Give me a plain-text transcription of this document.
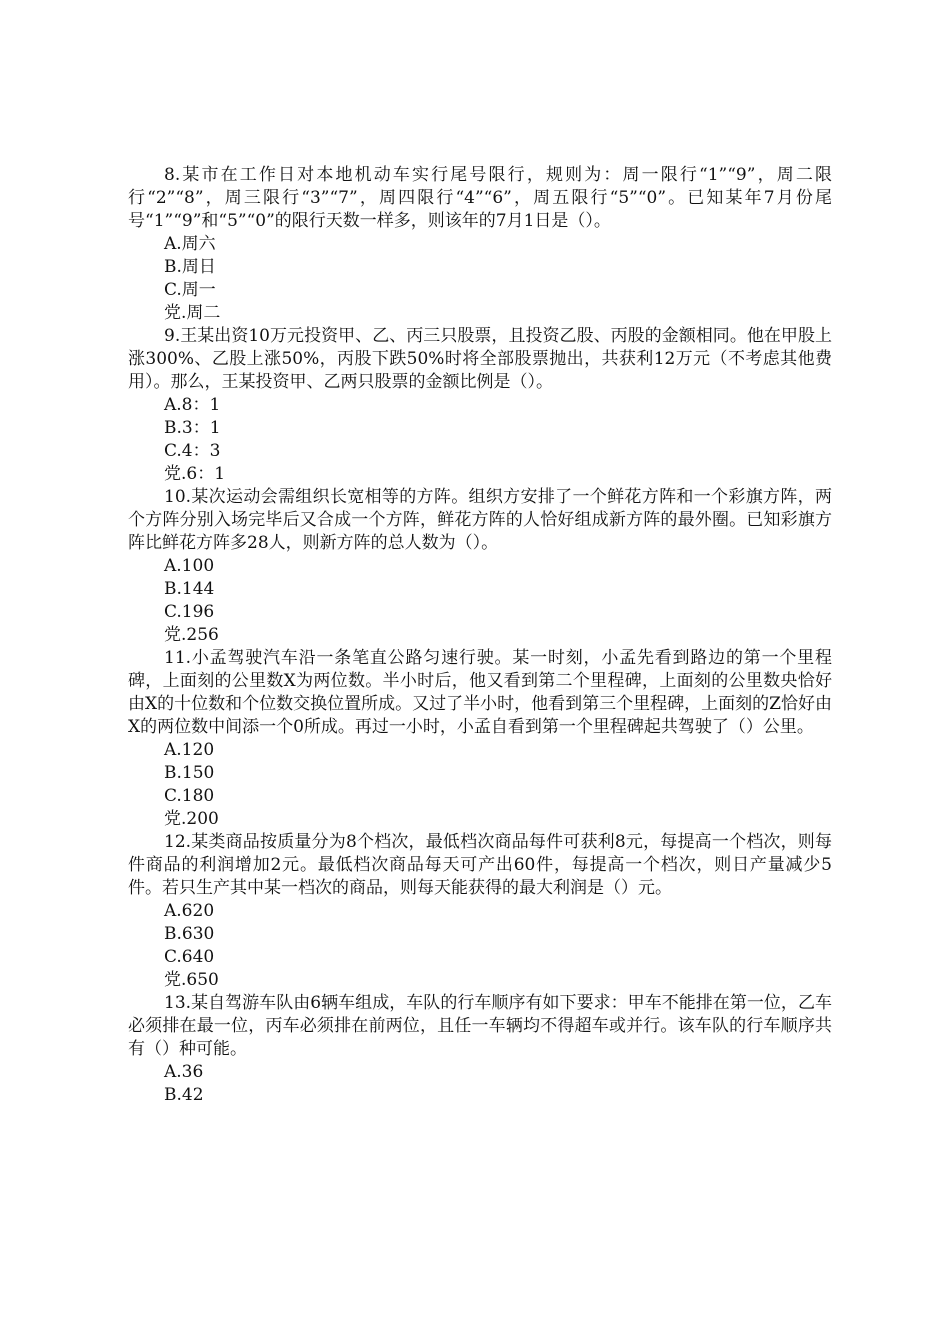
8.某市在工作日对本地机动车实行尾号限行，规则为：周一限行“1”“9”，周二限行“2”“8”，周三限行“3”“7”，周四限行“4”“6”，周五限行“5”“0”。已知某年7月份尾号“1”“9”和“5”“0”的限行天数一样多，则该年的7月1日是（）。

A.周六
B.周日
C.周一
党.周二

9.王某出资10万元投资甲、乙、丙三只股票，且投资乙股、丙股的金额相同。他在甲股上涨300%、乙股上涨50%，丙股下跌50%时将全部股票抛出，共获利12万元（不考虑其他费用）。那么，王某投资甲、乙两只股票的金额比例是（）。

A.8：1
B.3：1
C.4：3
党.6：1

10.某次运动会需组织长宽相等的方阵。组织方安排了一个鲜花方阵和一个彩旗方阵，两个方阵分别入场完毕后又合成一个方阵，鲜花方阵的人恰好组成新方阵的最外圈。已知彩旗方阵比鲜花方阵多28人，则新方阵的总人数为（）。

A.100
B.144
C.196
党.256

11.小孟驾驶汽车沿一条笔直公路匀速行驶。某一时刻，小孟先看到路边的第一个里程碑，上面刻的公里数X为两位数。半小时后，他又看到第二个里程碑，上面刻的公里数央恰好由X的十位数和个位数交换位置所成。又过了半小时，他看到第三个里程碑，上面刻的Z恰好由X的两位数中间添一个0所成。再过一小时，小孟自看到第一个里程碑起共驾驶了（）公里。

A.120
B.150
C.180
党.200

12.某类商品按质量分为8个档次，最低档次商品每件可获利8元，每提高一个档次，则每件商品的利润增加2元。最低档次商品每天可产出60件，每提高一个档次，则日产量减少5件。若只生产其中某一档次的商品，则每天能获得的最大利润是（）元。

A.620
B.630
C.640
党.650

13.某自驾游车队由6辆车组成，车队的行车顺序有如下要求：甲车不能排在第一位，乙车必须排在最一位，丙车必须排在前两位，且任一车辆均不得超车或并行。该车队的行车顺序共有（）种可能。

A.36
B.42
